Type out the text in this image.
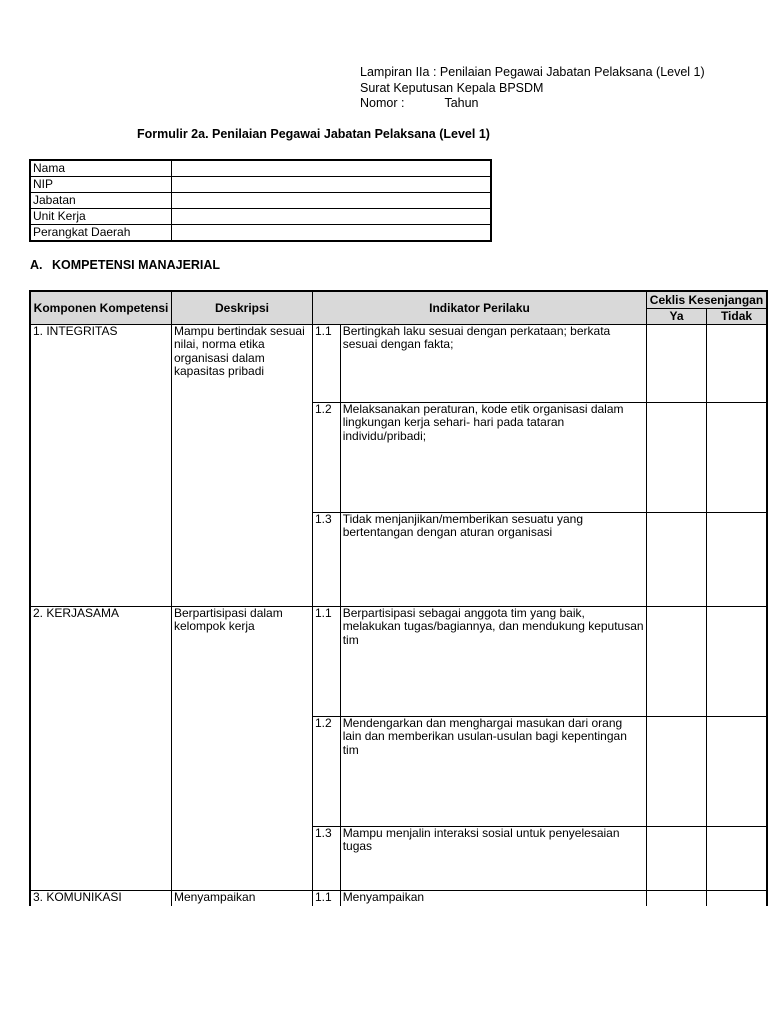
Lampiran IIa : Penilaian Pegawai Jabatan Pelaksana (Level 1)
Surat Keputusan Kepala BPSDM
Nomor :	Tahun
Formulir 2a. Penilaian Pegawai Jabatan Pelaksana (Level 1)
Nama	
NIP	
Jabatan	
Unit Kerja	
Perangkat Daerah	
A. KOMPETENSI MANAJERIAL
Komponen Kompetensi	Deskripsi	Indikator Perilaku		Ceklis Kesenjangan	

				Ya	Tidak
1. INTEGRITAS	Mampu bertindak sesuai nilai, norma etika organisasi dalam kapasitas pribadi	1.1	Bertingkah laku sesuai dengan perkataan; berkata sesuai dengan fakta;		
		1.2	Melaksanakan peraturan, kode etik organisasi dalam lingkungan kerja sehari- hari pada tataran individu/pribadi;		
		1.3	Tidak menjanjikan/memberikan sesuatu yang bertentangan dengan aturan organisasi		
2. KERJASAMA	Berpartisipasi dalam kelompok kerja	1.1	Berpartisipasi sebagai anggota tim yang baik, melakukan tugas/bagiannya, dan mendukung keputusan tim		
		1.2	Mendengarkan dan menghargai masukan dari orang lain dan memberikan usulan-usulan bagi kepentingan tim		
		1.3	Mampu menjalin interaksi sosial untuk penyelesaian tugas		
3. KOMUNIKASI	Menyampaikan	1.1	Menyampaikan		
